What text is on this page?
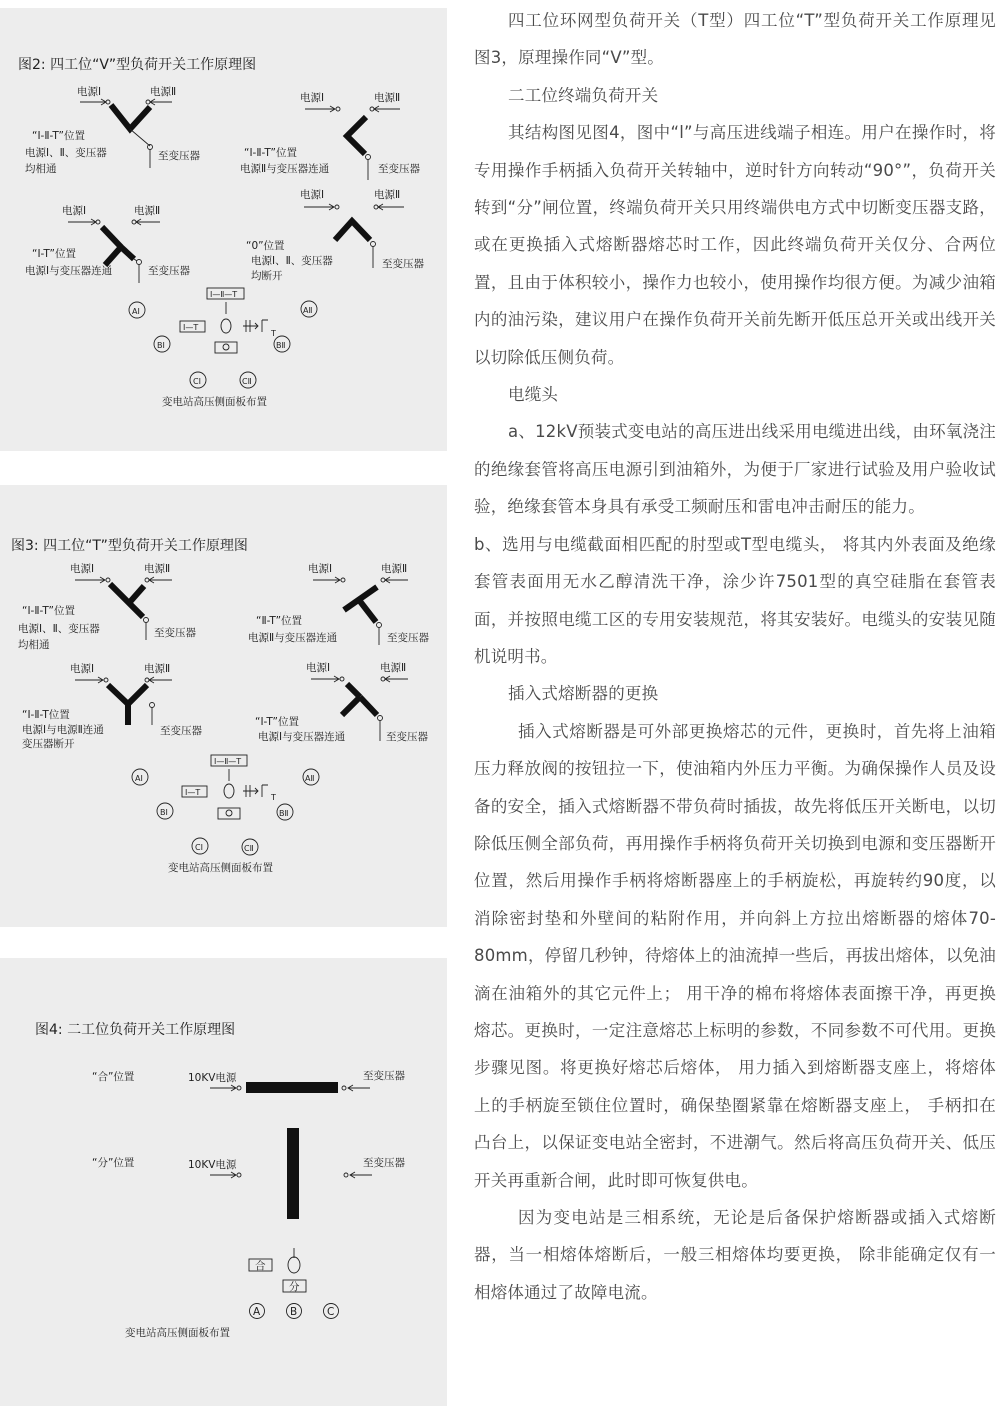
图2: 四工位“V”型负荷开关工作原理图
电源Ⅰ	电源Ⅱ
至变压器
“Ⅰ-Ⅱ-T”位置
电源Ⅰ、Ⅱ、变压器
均相通
电源Ⅰ	电源Ⅱ
至变压器
“Ⅰ-Ⅱ-T”位置
电源Ⅱ与变压器连通
电源Ⅰ	电源Ⅱ
至变压器
“Ⅰ-T”位置
电源Ⅰ与变压器连通
电源Ⅰ	电源Ⅱ
至变压器
“0”位置
电源Ⅰ、Ⅱ、变压器
均断开
Ⅰ—Ⅱ—T
Ⅰ—T
T
AⅠ	AⅡ
BⅠ	BⅡ
CⅠ	CⅡ
变电站高压侧面板布置
图3: 四工位“T”型负荷开关工作原理图
电源Ⅰ	电源Ⅱ
至变压器
“Ⅰ-Ⅱ-T”位置
电源Ⅰ、Ⅱ、变压器
均相通
电源Ⅰ	电源Ⅱ
至变压器
“Ⅱ-T”位置
电源Ⅱ与变压器连通
电源Ⅰ	电源Ⅱ
至变压器
“Ⅰ-Ⅱ-T位置
电源Ⅰ与电源Ⅱ连通
变压器断开
电源Ⅰ	电源Ⅱ
至变压器
“Ⅰ-T”位置
电源Ⅰ与变压器连通
Ⅰ—Ⅱ—T
Ⅰ—T
T
AⅠ	AⅡ
BⅠ	BⅡ
CⅠ	CⅡ
变电站高压侧面板布置
图4: 二工位负荷开关工作原理图
“合”位置	10KV电源	至变压器
“分”位置	10KV电源	至变压器
合
分
A	B	C
变电站高压侧面板布置

四工位环网型负荷开关（T型）四工位“T”型负荷开关工作原理见图3，原理操作同“V”型。

二工位终端负荷开关

其结构图见图4，图中“l”与高压进线端子相连。用户在操作时，将专用操作手柄插入负荷开关转轴中，逆时针方向转动“90°”，负荷开关转到“分”闸位置，终端负荷开关只用终端供电方式中切断变压器支路，或在更换插入式熔断器熔芯时工作，因此终端负荷开关仅分、合两位置，且由于体积较小，操作力也较小，使用操作均很方便。为减少油箱内的油污染，建议用户在操作负荷开关前先断开低压总开关或出线开关以切除低压侧负荷。

电缆头

a、12kV预装式变电站的高压进出线采用电缆进出线，由环氧浇注的绝缘套管将高压电源引到油箱外，为便于厂家进行试验及用户验收试验，绝缘套管本身具有承受工频耐压和雷电冲击耐压的能力。

b、选用与电缆截面相匹配的肘型或T型电缆头， 将其内外表面及绝缘套管表面用无水乙醇清洗干净，涂少许7501型的真空硅脂在套管表面，并按照电缆工区的专用安装规范，将其安装好。电缆头的安装见随机说明书。

插入式熔断器的更换

插入式熔断器是可外部更换熔芯的元件，更换时，首先将上油箱压力释放阀的按钮拉一下，使油箱内外压力平衡。为确保操作人员及设备的安全，插入式熔断器不带负荷时插拔，故先将低压开关断电，以切除低压侧全部负荷，再用操作手柄将负荷开关切换到电源和变压器断开位置，然后用操作手柄将熔断器座上的手柄旋松，再旋转约90度，以消除密封垫和外壁间的粘附作用，并向斜上方拉出熔断器的熔体70-80mm，停留几秒钟，待熔体上的油流掉一些后，再拔出熔体，以免油滴在油箱外的其它元件上； 用干净的棉布将熔体表面擦干净，再更换熔芯。更换时，一定注意熔芯上标明的参数，不同参数不可代用。更换步骤见图。将更换好熔芯后熔体， 用力插入到熔断器支座上，将熔体上的手柄旋至锁住位置时，确保垫圈紧靠在熔断器支座上， 手柄扣在凸台上，以保证变电站全密封，不进潮气。然后将高压负荷开关、低压开关再重新合闸，此时即可恢复供电。

因为变电站是三相系统，无论是后备保护熔断器或插入式熔断器，当一相熔体熔断后，一般三相熔体均要更换， 除非能确定仅有一相熔体通过了故障电流。
